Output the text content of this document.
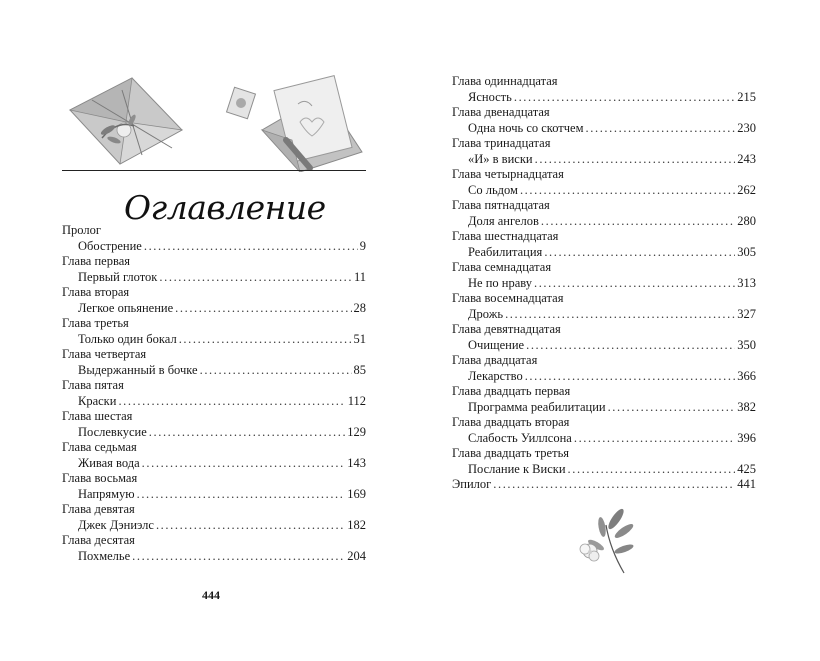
Оглавление
Пролог
Обострение .....	9
Глава первая
Первый глоток .....	11
Глава вторая
Легкое опьянение .....	28
Глава третья
Только один бокал .....	51
Глава четвертая
Выдержанный в бочке .....	85
Глава пятая
Краски .....	112
Глава шестая
Послевкусие .....	129
Глава седьмая
Живая вода .....	143
Глава восьмая
Напрямую .....	169
Глава девятая
Джек Дэниэлс .....	182
Глава десятая
Похмелье .....	204
444
Глава одиннадцатая
Ясность .....	215
Глава двенадцатая
Одна ночь со скотчем .....	230
Глава тринадцатая
«И» в виски .....	243
Глава четырнадцатая
Со льдом .....	262
Глава пятнадцатая
Доля ангелов .....	280
Глава шестнадцатая
Реабилитация .....	305
Глава семнадцатая
Не по нраву .....	313
Глава восемнадцатая
Дрожь .....	327
Глава девятнадцатая
Очищение .....	350
Глава двадцатая
Лекарство .....	366
Глава двадцать первая
Программа реабилитации .....	382
Глава двадцать вторая
Слабость Уиллсона .....	396
Глава двадцать третья
Послание к Виски .....	425
Эпилог .....	441
